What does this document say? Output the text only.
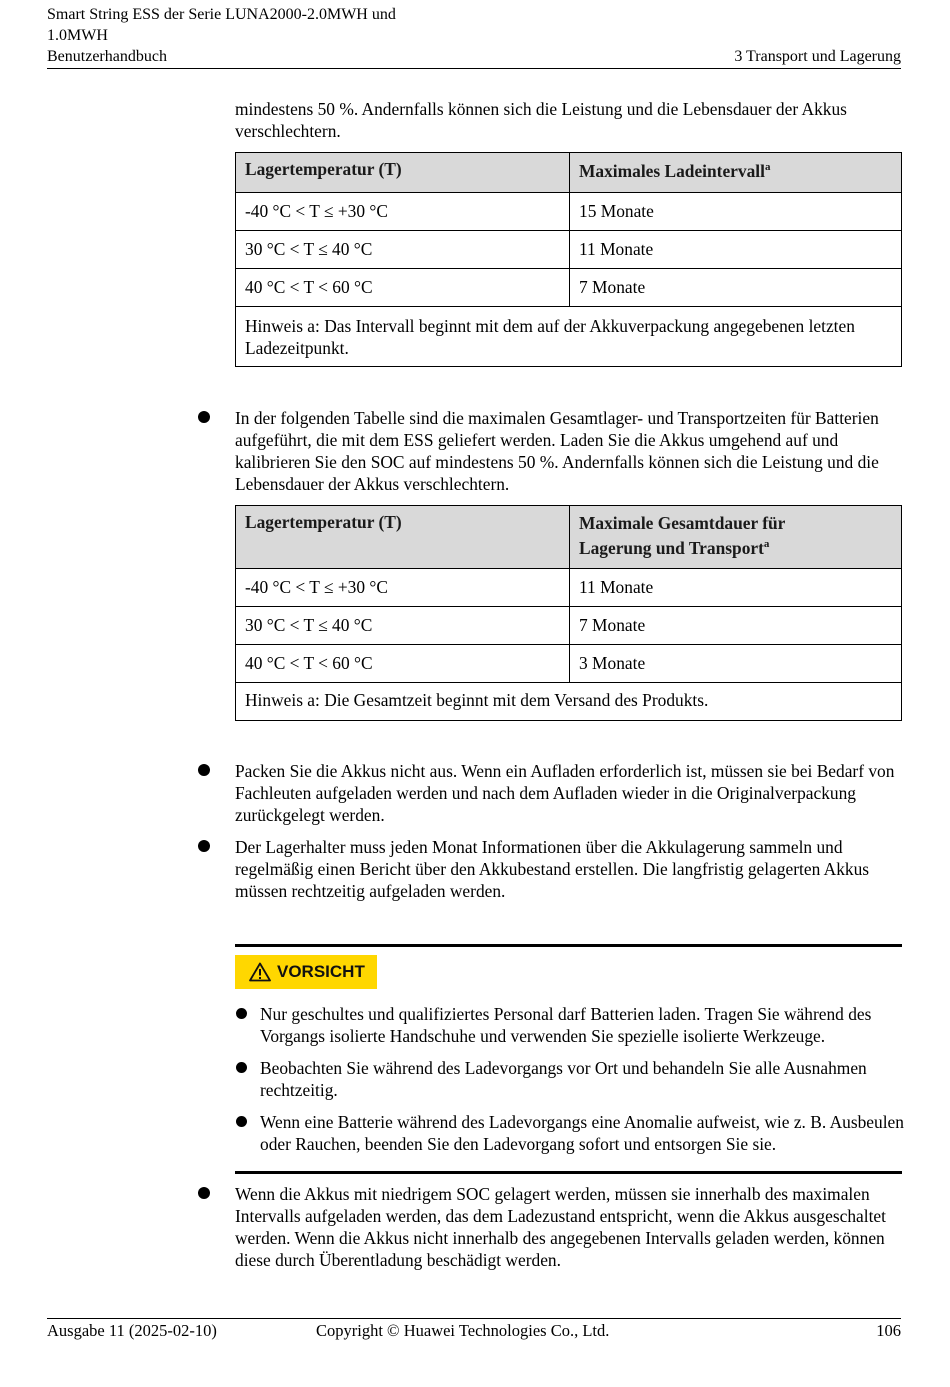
Smart String ESS der Serie LUNA2000-2.0MWH und
1.0MWH
Benutzerhandbuch	3 Transport und Lagerung
mindestens 50 %. Andernfalls können sich die Leistung und die Lebensdauer der Akkus verschlechtern.
Lagertemperatur (T)	Maximales Ladeintervall$^a$
-40 °C < T ≤ +30 °C	15 Monate
30 °C < T ≤ 40 °C	11 Monate
40 °C < T < 60 °C	7 Monate
Hinweis a: Das Intervall beginnt mit dem auf der Akkuverpackung angegebenen letzten Ladezeitpunkt.	
In der folgenden Tabelle sind die maximalen Gesamtlager- und Transportzeiten für Batterien aufgeführt, die mit dem ESS geliefert werden. Laden Sie die Akkus umgehend auf und kalibrieren Sie den SOC auf mindestens 50 %. Andernfalls können sich die Leistung und die Lebensdauer der Akkus verschlechtern.
Lagertemperatur (T)	Maximale Gesamtdauer für
Lagerung und Transport$^a$
-40 °C < T ≤ +30 °C	11 Monate
30 °C < T ≤ 40 °C	7 Monate
40 °C < T < 60 °C	3 Monate
Hinweis a: Die Gesamtzeit beginnt mit dem Versand des Produkts.	
Packen Sie die Akkus nicht aus. Wenn ein Aufladen erforderlich ist, müssen sie bei Bedarf von Fachleuten aufgeladen werden und nach dem Aufladen wieder in die Originalverpackung zurückgelegt werden.
Der Lagerhalter muss jeden Monat Informationen über die Akkulagerung sammeln und regelmäßig einen Bericht über den Akkubestand erstellen. Die langfristig gelagerten Akkus müssen rechtzeitig aufgeladen werden.
VORSICHT
Nur geschultes und qualifiziertes Personal darf Batterien laden. Tragen Sie während des Vorgangs isolierte Handschuhe und verwenden Sie spezielle isolierte Werkzeuge.
Beobachten Sie während des Ladevorgangs vor Ort und behandeln Sie alle Ausnahmen rechtzeitig.
Wenn eine Batterie während des Ladevorgangs eine Anomalie aufweist, wie z. B. Ausbeulen oder Rauchen, beenden Sie den Ladevorgang sofort und entsorgen Sie sie.
Wenn die Akkus mit niedrigem SOC gelagert werden, müssen sie innerhalb des maximalen Intervalls aufgeladen werden, das dem Ladezustand entspricht, wenn die Akkus ausgeschaltet werden. Wenn die Akkus nicht innerhalb des angegebenen Intervalls geladen werden, können diese durch Überentladung beschädigt werden.
Ausgabe 11 (2025-02-10)	Copyright © Huawei Technologies Co., Ltd.	106
